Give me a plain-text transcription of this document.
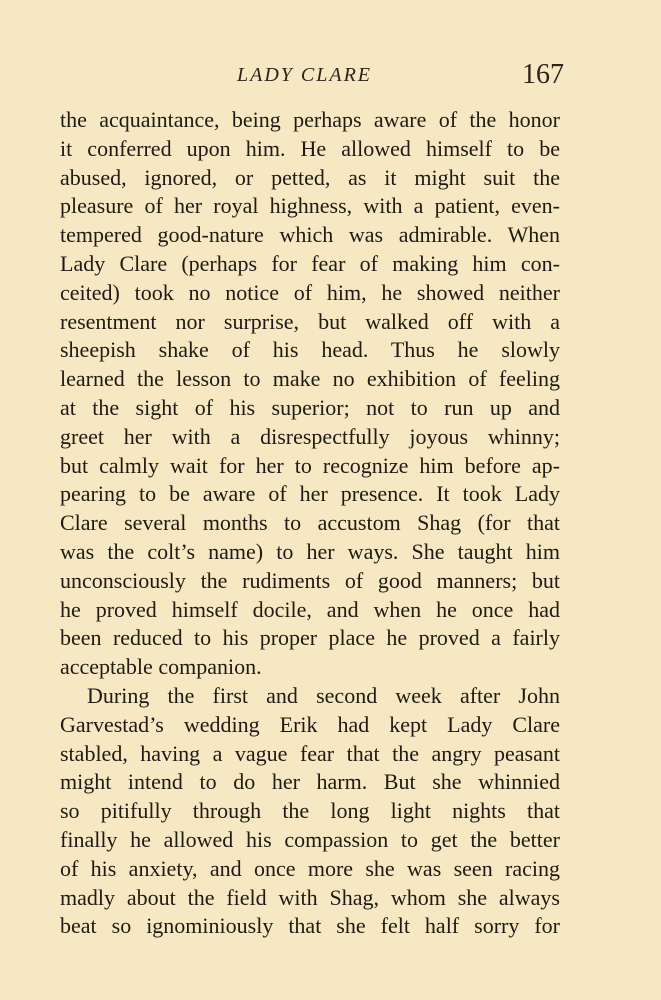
LADY CLARE	167
the acquaintance, being perhaps aware of the honor
it conferred upon him. He allowed himself to be
abused, ignored, or petted, as it might suit the
pleasure of her royal highness, with a patient, even-
tempered good-nature which was admirable. When
Lady Clare (perhaps for fear of making him con-
ceited) took no notice of him, he showed neither
resentment nor surprise, but walked off with a
sheepish shake of his head. Thus he slowly
learned the lesson to make no exhibition of feeling
at the sight of his superior; not to run up and
greet her with a disrespectfully joyous whinny;
but calmly wait for her to recognize him before ap-
pearing to be aware of her presence. It took Lady
Clare several months to accustom Shag (for that
was the colt’s name) to her ways. She taught him
unconsciously the rudiments of good manners; but
he proved himself docile, and when he once had
been reduced to his proper place he proved a fairly
acceptable companion.
During the first and second week after John
Garvestad’s wedding Erik had kept Lady Clare
stabled, having a vague fear that the angry peasant
might intend to do her harm. But she whinnied
so pitifully through the long light nights that
finally he allowed his compassion to get the better
of his anxiety, and once more she was seen racing
madly about the field with Shag, whom she always
beat so ignominiously that she felt half sorry for
